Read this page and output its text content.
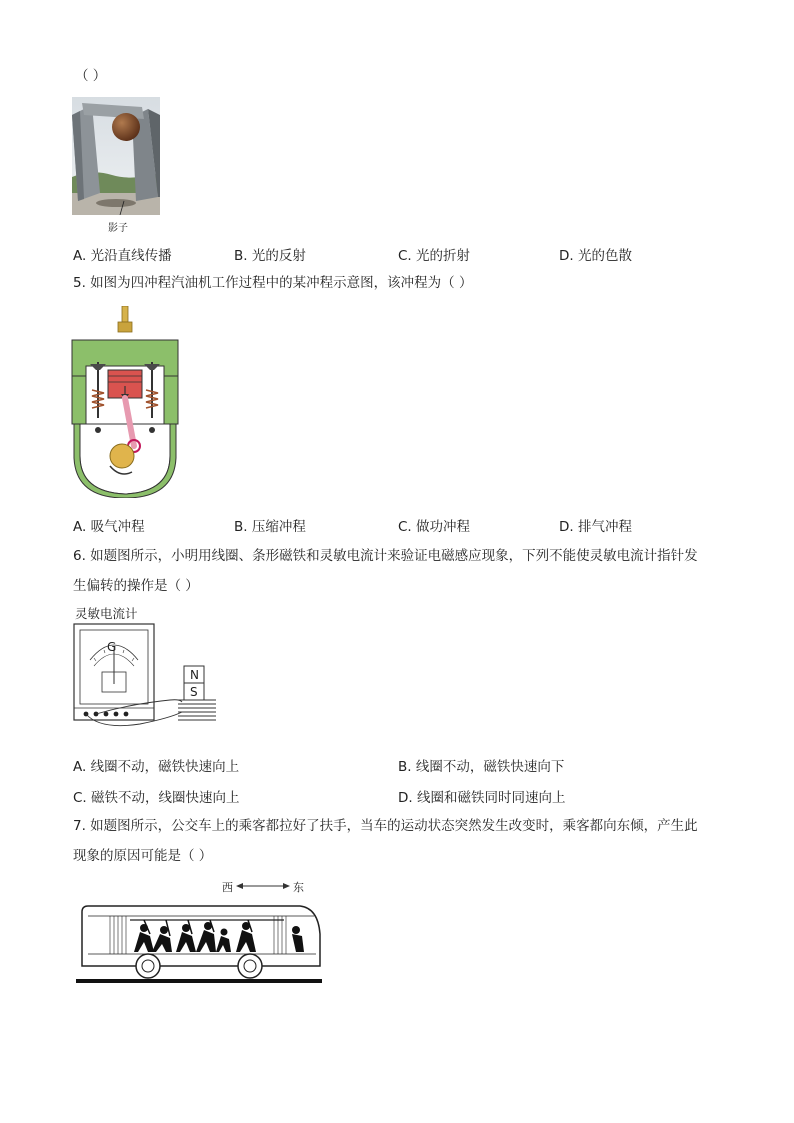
（ ）
影子
A. 光沿直线传播	B. 光的反射	C. 光的折射	D. 光的色散
5. 如图为四冲程汽油机工作过程中的某冲程示意图，该冲程为（ ）
A. 吸气冲程	B. 压缩冲程	C. 做功冲程	D. 排气冲程
6. 如题图所示，小明用线圈、条形磁铁和灵敏电流计来验证电磁感应现象，下列不能使灵敏电流计指针发
生偏转的操作是（ ）
灵敏电流计
G
N
S
A. 线圈不动，磁铁快速向上	B. 线圈不动，磁铁快速向下
C. 磁铁不动，线圈快速向上	D. 线圈和磁铁同时同速向上
7. 如题图所示，公交车上的乘客都拉好了扶手，当车的运动状态突然发生改变时，乘客都向东倾，产生此
现象的原因可能是（ ）
西	东
